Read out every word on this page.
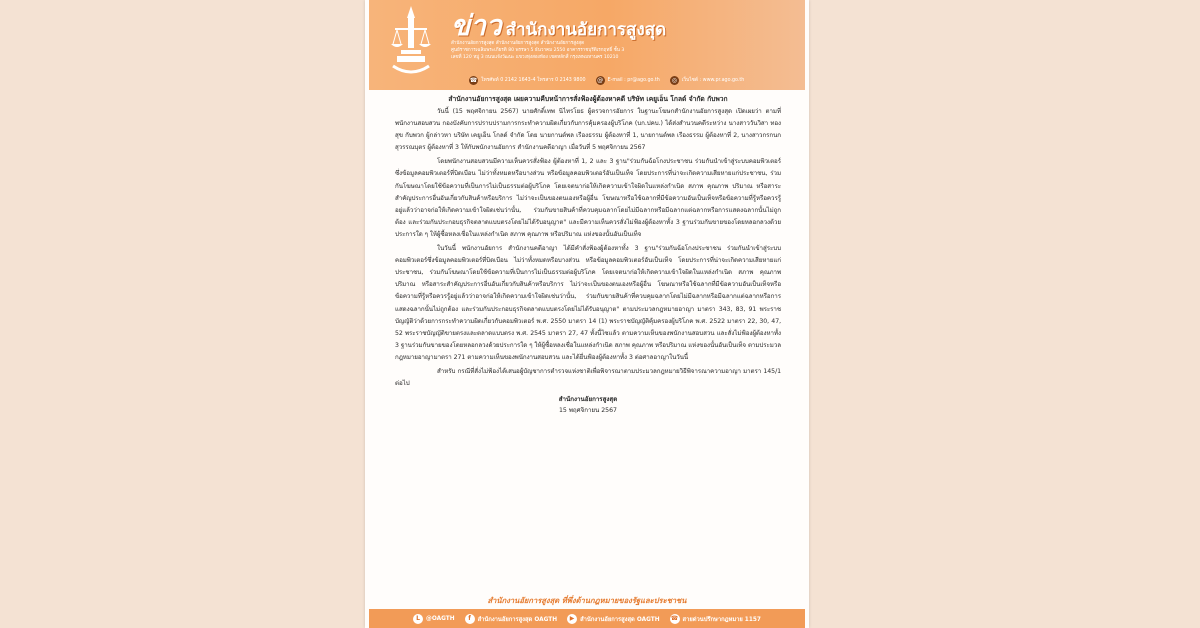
ข่าว สำนักงานอัยการสูงสุด
สำนักงานอัยการสูงสุด สำนักงานอัยการสูงสุด สำนักงานอัยการสูงสุด
ศูนย์ราชการเฉลิมพระเกียรติ 80 พรรษา 5 ธันวาคม 2550 อาคารราชบุรีดิเรกฤทธิ์ ชั้น 3
เลขที่ 120 หมู่ 3 ถนนแจ้งวัฒนะ แขวงทุ่งสองห้อง เขตหลักสี่ กรุงเทพมหานคร 10210
☎ โทรศัพท์ 0 2142 1643-4 โทรสาร 0 2143 9800 @ E-mail : pr@ago.go.th	◎	เว็บไซต์ : www.pr.ago.go.th

สำนักงานอัยการสูงสุด เผยความคืบหน้าการสั่งฟ้องผู้ต้องหาคดี บริษัท เคยูเอ็น โกลด์ จำกัด กับพวก

วันนี้ (15 พฤศจิกายน 2567) นายศักดิ์เทพ นิไทรโยธ ผู้ตรวจการอัยการ ในฐานะโฆษกสำนักงานอัยการสูงสุด เปิดเผยว่า ตามที่พนักงานสอบสวน กองบังคับการปราบปรามการกระทำความผิดเกี่ยวกับการคุ้มครองผู้บริโภค (บก.ปคบ.) ได้ส่งสำนวนคดีระหว่าง นางสาววันวิสา ทองสุข กับพวก ผู้กล่าวหา บริษัท เคยูเอ็น โกลด์ จำกัด โดย นายกานต์พล เรืองธรรม ผู้ต้องหาที่ 1, นายกานต์พล เรืองธรรม ผู้ต้องหาที่ 2, นางสาวกรกนก สุวรรณบุตร ผู้ต้องหาที่ 3 ให้กับพนักงานอัยการ สำนักงานคดีอาญา เมื่อวันที่ 5 พฤศจิกายน 2567

โดยพนักงานสอบสวนมีความเห็นควรสั่งฟ้อง ผู้ต้องหาที่ 1, 2 และ 3 ฐาน"ร่วมกันฉ้อโกงประชาชน ร่วมกันนำเข้าสู่ระบบคอมพิวเตอร์ซึ่งข้อมูลคอมพิวเตอร์ที่บิดเบือน ไม่ว่าทั้งหมดหรือบางส่วน หรือข้อมูลคอมพิวเตอร์อันเป็นเท็จ โดยประการที่น่าจะเกิดความเสียหายแก่ประชาชน, ร่วมกันโฆษณาโดยใช้ข้อความที่เป็นการไม่เป็นธรรมต่อผู้บริโภค โดยเจตนาก่อให้เกิดความเข้าใจผิดในแหล่งกำเนิด สภาพ คุณภาพ ปริมาณ หรือสาระสำคัญประการอื่นอันเกี่ยวกับสินค้าหรือบริการ ไม่ว่าจะเป็นของตนเองหรือผู้อื่น โฆษณาหรือใช้ฉลากที่มีข้อความอันเป็นเท็จหรือข้อความที่รู้หรือควรรู้อยู่แล้วว่าอาจก่อให้เกิดความเข้าใจผิดเช่นว่านั้น, ร่วมกันขายสินค้าที่ควบคุมฉลากโดยไม่มีฉลากหรือมีฉลากแต่ฉลากหรือการแสดงฉลากนั้นไม่ถูกต้อง และร่วมกันประกอบธุรกิจตลาดแบบตรงโดยไม่ได้รับอนุญาต" และมีความเห็นควรสั่งไม่ฟ้องผู้ต้องหาทั้ง 3 ฐานร่วมกันขายของโดยหลอกลวงด้วยประการใด ๆ ให้ผู้ซื้อหลงเชื่อในแหล่งกำเนิด สภาพ คุณภาพ หรือปริมาณ แห่งของนั้นอันเป็นเท็จ

ในวันนี้ พนักงานอัยการ สำนักงานคดีอาญา ได้มีคำสั่งฟ้องผู้ต้องหาทั้ง 3 ฐาน"ร่วมกันฉ้อโกงประชาชน ร่วมกันนำเข้าสู่ระบบคอมพิวเตอร์ซึ่งข้อมูลคอมพิวเตอร์ที่บิดเบือน ไม่ว่าทั้งหมดหรือบางส่วน หรือข้อมูลคอมพิวเตอร์อันเป็นเท็จ โดยประการที่น่าจะเกิดความเสียหายแก่ประชาชน, ร่วมกันโฆษณาโดยใช้ข้อความที่เป็นการไม่เป็นธรรมต่อผู้บริโภค โดยเจตนาก่อให้เกิดความเข้าใจผิดในแหล่งกำเนิด สภาพ คุณภาพ ปริมาณ หรือสาระสำคัญประการอื่นอันเกี่ยวกับสินค้าหรือบริการ ไม่ว่าจะเป็นของตนเองหรือผู้อื่น โฆษณาหรือใช้ฉลากที่มีข้อความอันเป็นเท็จหรือข้อความที่รู้หรือควรรู้อยู่แล้วว่าอาจก่อให้เกิดความเข้าใจผิดเช่นว่านั้น, ร่วมกันขายสินค้าที่ควบคุมฉลากโดยไม่มีฉลากหรือมีฉลากแต่ฉลากหรือการแสดงฉลากนั้นไม่ถูกต้อง และร่วมกันประกอบธุรกิจตลาดแบบตรงโดยไม่ได้รับอนุญาต" ตามประมวลกฎหมายอาญา มาตรา 343, 83, 91 พระราชบัญญัติว่าด้วยการกระทำความผิดเกี่ยวกับคอมพิวเตอร์ พ.ศ. 2550 มาตรา 14 (1) พระราชบัญญัติคุ้มครองผู้บริโภค พ.ศ. 2522 มาตรา 22, 30, 47, 52 พระราชบัญญัติขายตรงและตลาดแบบตรง พ.ศ. 2545 มาตรา 27, 47 ทั้งนี้ไซแล้ว ตามความเห็นของพนักงานสอบสวน และสั่งไม่ฟ้องผู้ต้องหาทั้ง 3 ฐานร่วมกันขายของโดยหลอกลวงด้วยประการใด ๆ ให้ผู้ซื้อหลงเชื่อในแหล่งกำเนิด สภาพ คุณภาพ หรือปริมาณ แห่งของนั้นอันเป็นเท็จ ตามประมวลกฎหมายอาญามาตรา 271 ตามความเห็นของพนักงานสอบสวน และได้ยื่นฟ้องผู้ต้องหาทั้ง 3 ต่อศาลอาญาในวันนี้

สำหรับ กรณีที่สั่งไม่ฟ้องได้เสนอผู้บัญชาการตำรวจแห่งชาติเพื่อพิจารณาตามประมวลกฎหมายวิธีพิจารณาความอาญา มาตรา 145/1 ต่อไป

สำนักงานอัยการสูงสุด
15 พฤศจิกายน 2567
สำนักงานอัยการสูงสุด ที่พึ่งด้านกฎหมายของรัฐและประชาชน
L	@OAGTH	f	สำนักงานอัยการสูงสุด OAGTH	▶ สำนักงานอัยการสูงสุด OAGTH ☎ สายด่วนปรึกษากฎหมาย 1157
